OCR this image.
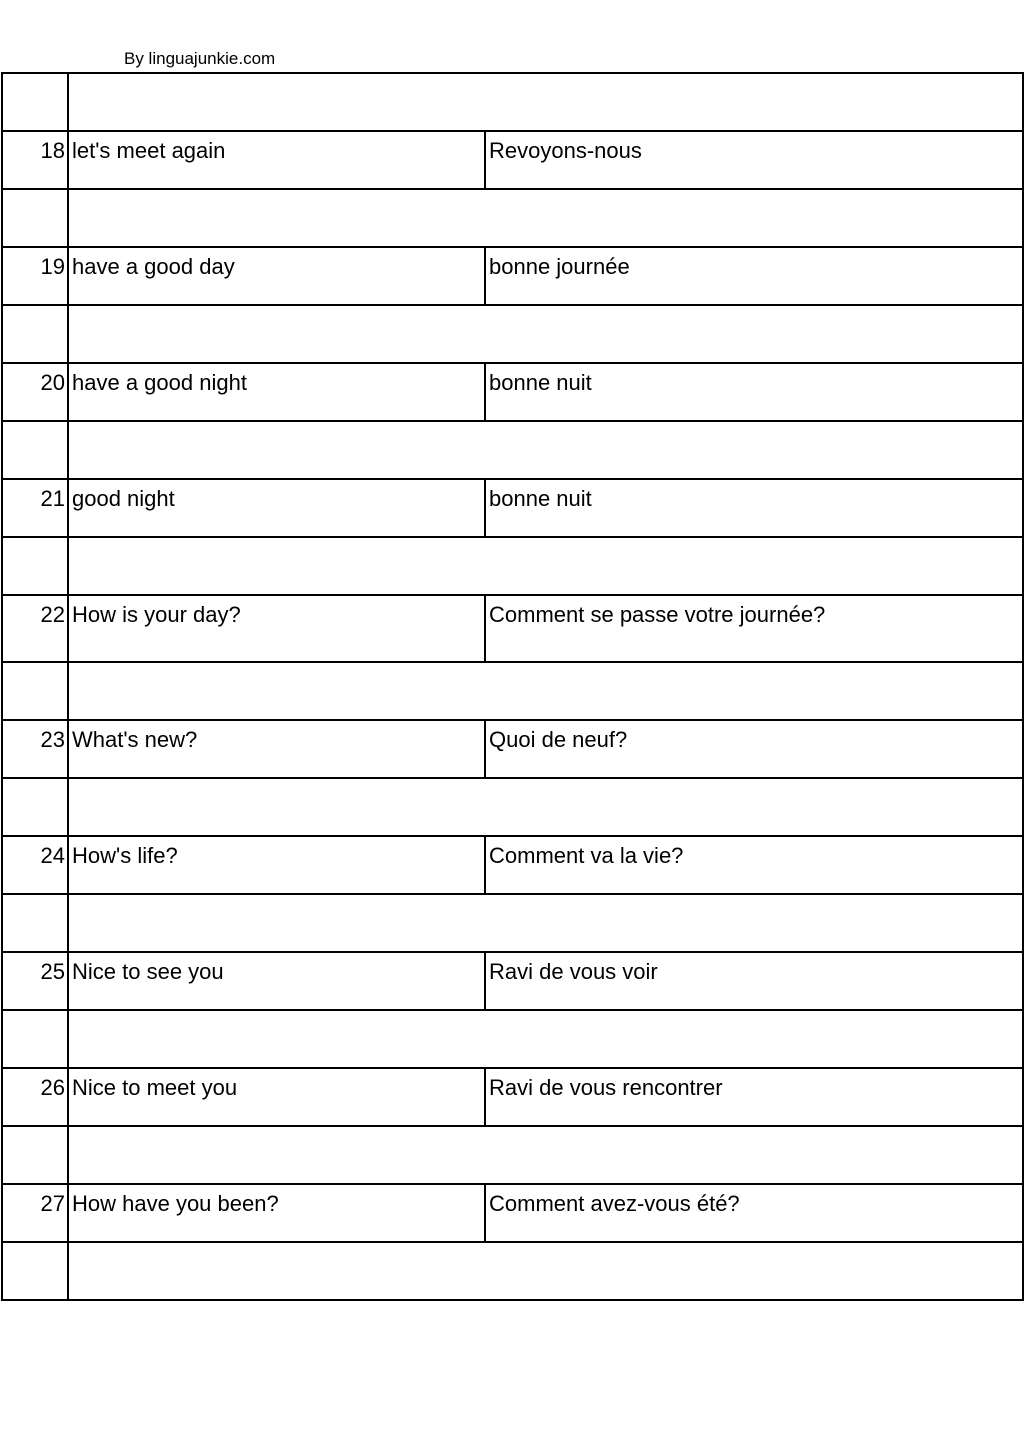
By linguajunkie.com

18	let's meet again	Revoyons-nous

19	have a good day	bonne journée

20	have a good night	bonne nuit

21	good night	bonne nuit

22	How is your day?	Comment se passe votre journée?

23	What's new?	Quoi de neuf?

24	How's life?	Comment va la vie?

25	Nice to see you	Ravi de vous voir

26	Nice to meet you	Ravi de vous rencontrer

27	How have you been?	Comment avez-vous été?
